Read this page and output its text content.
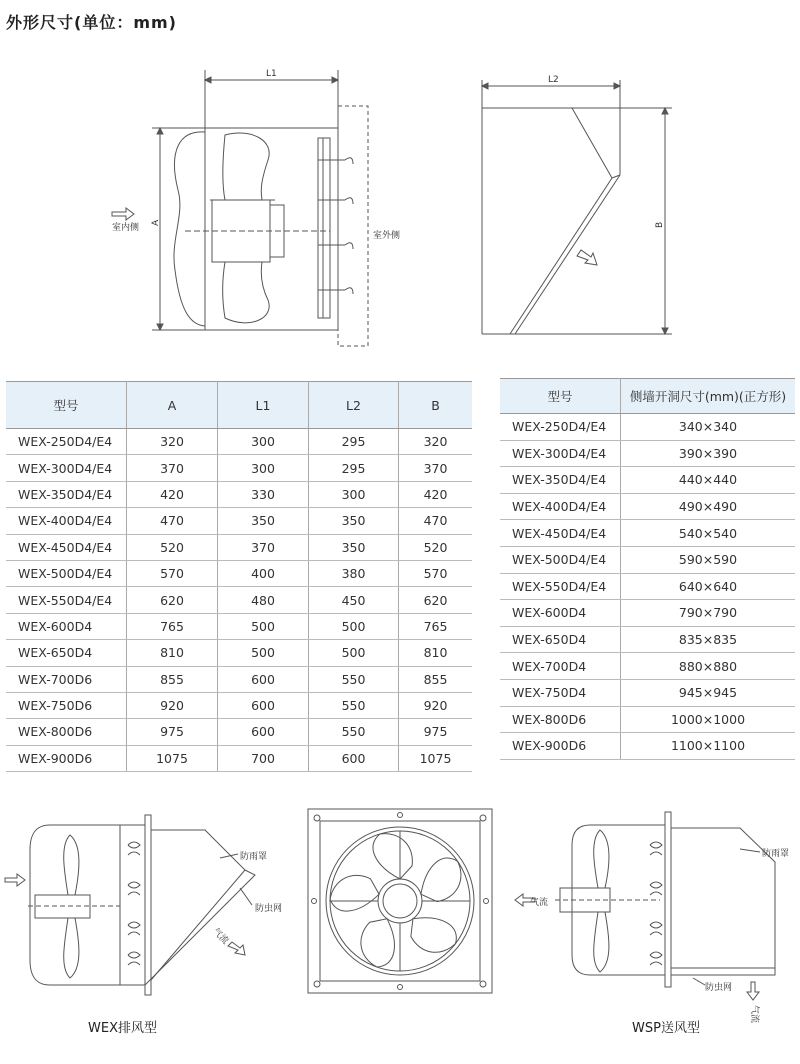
外形尺寸(单位：mm)
L1
A
室内侧
室外侧
L2
B
型号	A	L1	L2	B
WEX-250D4/E4	320	300	295	320
WEX-300D4/E4	370	300	295	370
WEX-350D4/E4	420	330	300	420
WEX-400D4/E4	470	350	350	470
WEX-450D4/E4	520	370	350	520
WEX-500D4/E4	570	400	380	570
WEX-550D4/E4	620	480	450	620
WEX-600D4	765	500	500	765
WEX-650D4	810	500	500	810
WEX-700D6	855	600	550	855
WEX-750D6	920	600	550	920
WEX-800D6	975	600	550	975
WEX-900D6	1075	700	600	1075
型号	侧墙开洞尺寸(mm)(正方形)
WEX-250D4/E4	340×340
WEX-300D4/E4	390×390
WEX-350D4/E4	440×440
WEX-400D4/E4	490×490
WEX-450D4/E4	540×540
WEX-500D4/E4	590×590
WEX-550D4/E4	640×640
WEX-600D4	790×790
WEX-650D4	835×835
WEX-700D4	880×880
WEX-750D4	945×945
WEX-800D6	1000×1000
WEX-900D6	1100×1100
防雨罩
防虫网
气流
WEX排风型
气流
防雨罩
防虫网
气流
WSP送风型
